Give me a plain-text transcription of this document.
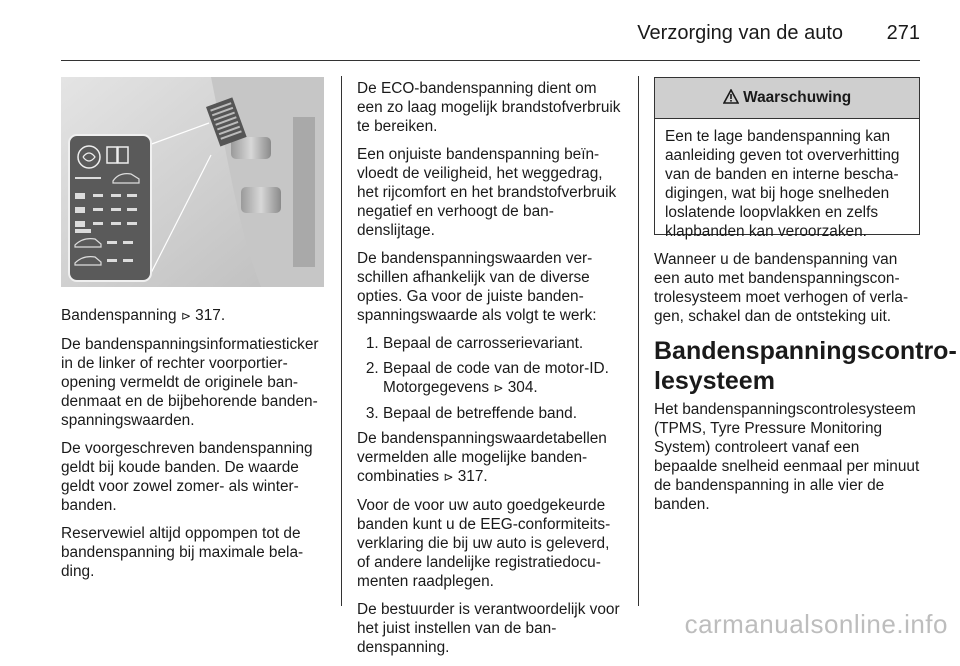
Verzorging van de auto 271

Bandenspanning ⊳ 317.

De bandenspanningsinformatiesticker in de linker of rechter voorportieropening vermeldt de originele bandenmaat en de bijbehorende bandenspanningswaarden.

De voorgeschreven bandenspanning geldt bij koude banden. De waarde geldt voor zowel zomer- als winterbanden.

Reservewiel altijd oppompen tot de bandenspanning bij maximale belading.

De ECO-bandenspanning dient om een zo laag mogelijk brandstofverbruik te bereiken.

Een onjuiste bandenspanning beïnvloedt de veiligheid, het weggedrag, het rijcomfort en het brandstofverbruik negatief en verhoogt de bandenslijtage.

De bandenspanningswaarden verschillen afhankelijk van de diverse opties. Ga voor de juiste bandenspanningswaarde als volgt te werk:

1. Bepaal de carrosserievariant.
2. Bepaal de code van de motor-ID. Motorgegevens ⊳ 304.
3. Bepaal de betreffende band.

De bandenspanningswaardetabellen vermelden alle mogelijke bandencombinaties ⊳ 317.

Voor de voor uw auto goedgekeurde banden kunt u de EEG-conformiteitsverklaring die bij uw auto is geleverd, of andere landelijke registratiedocumenten raadplegen.

De bestuurder is verantwoordelijk voor het juist instellen van de bandenspanning.

Waarschuwing
Een te lage bandenspanning kan aanleiding geven tot oververhitting van de banden en interne beschadigingen, wat bij hoge snelheden loslatende loopvlakken en zelfs klapbanden kan veroorzaken.

Wanneer u de bandenspanning van een auto met bandenspanningscontrolesysteem moet verhogen of verlagen, schakel dan de ontsteking uit.

Bandenspanningscontrolesysteem

Het bandenspanningscontrolesysteem (TPMS, Tyre Pressure Monitoring System) controleert vanaf een bepaalde snelheid eenmaal per minuut de bandenspanning in alle vier de banden.

carmanualsonline.info
